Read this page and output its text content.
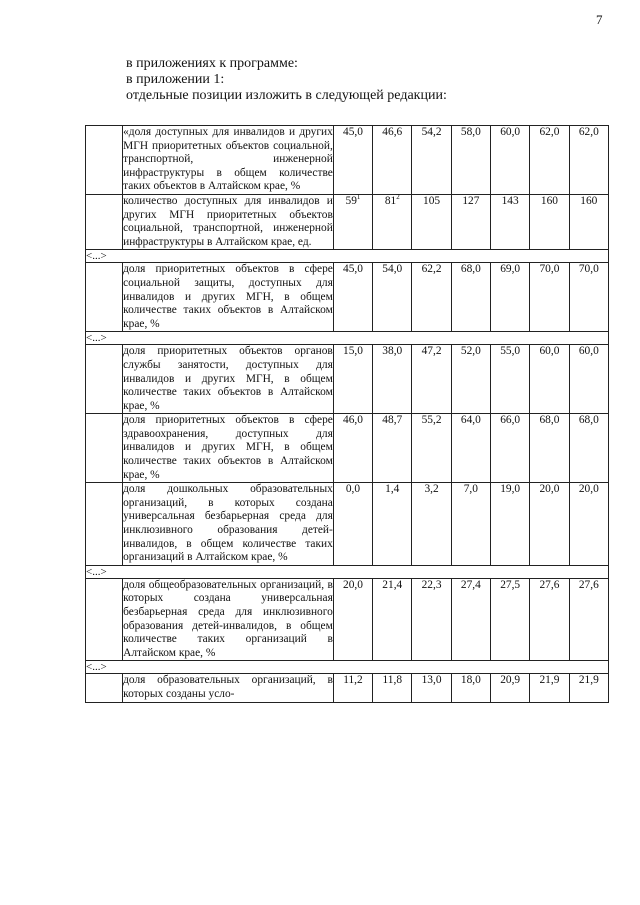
7
в приложениях к программе:
в приложении 1:
отдельные позиции изложить в следующей редакции:
	«доля доступных для инвалидов и других МГН приоритетных объектов социальной, транспортной, инженерной инфраструктуры в общем количестве таких объектов в Алтайском крае, %	45,0	46,6	54,2	58,0	60,0	62,0	62,0
	количество доступных для инвалидов и других МГН приоритетных объектов социальной, транспортной, инженерной инфраструктуры в Алтайском крае, ед.	$59^1$	$81^2$	105	127	143	160	160
<...>								
	доля приоритетных объектов в сфере социальной защиты, доступных для инвалидов и других МГН, в общем количестве таких объектов в Алтайском крае, %	45,0	54,0	62,2	68,0	69,0	70,0	70,0
<...>								
	доля приоритетных объектов органов службы занятости, доступных для инвалидов и других МГН, в общем количестве таких объектов в Алтайском крае, %	15,0	38,0	47,2	52,0	55,0	60,0	60,0
	доля приоритетных объектов в сфере здравоохранения, доступных для инвалидов и других МГН, в общем количестве таких объектов в Алтайском крае, %	46,0	48,7	55,2	64,0	66,0	68,0	68,0
	доля дошкольных образовательных организаций, в которых создана универсальная безбарьерная среда для инклюзивного образования детей-инвалидов, в общем количестве таких организаций в Алтайском крае, %	0,0	1,4	3,2	7,0	19,0	20,0	20,0
<...>								
	доля общеобразовательных организаций, в которых создана универсальная безбарьерная среда для инклюзивного образования детей-инвалидов, в общем количестве таких организаций в Алтайском крае, %	20,0	21,4	22,3	27,4	27,5	27,6	27,6
<...>								
	доля образовательных организаций, в которых созданы усло-	11,2	11,8	13,0	18,0	20,9	21,9	21,9
